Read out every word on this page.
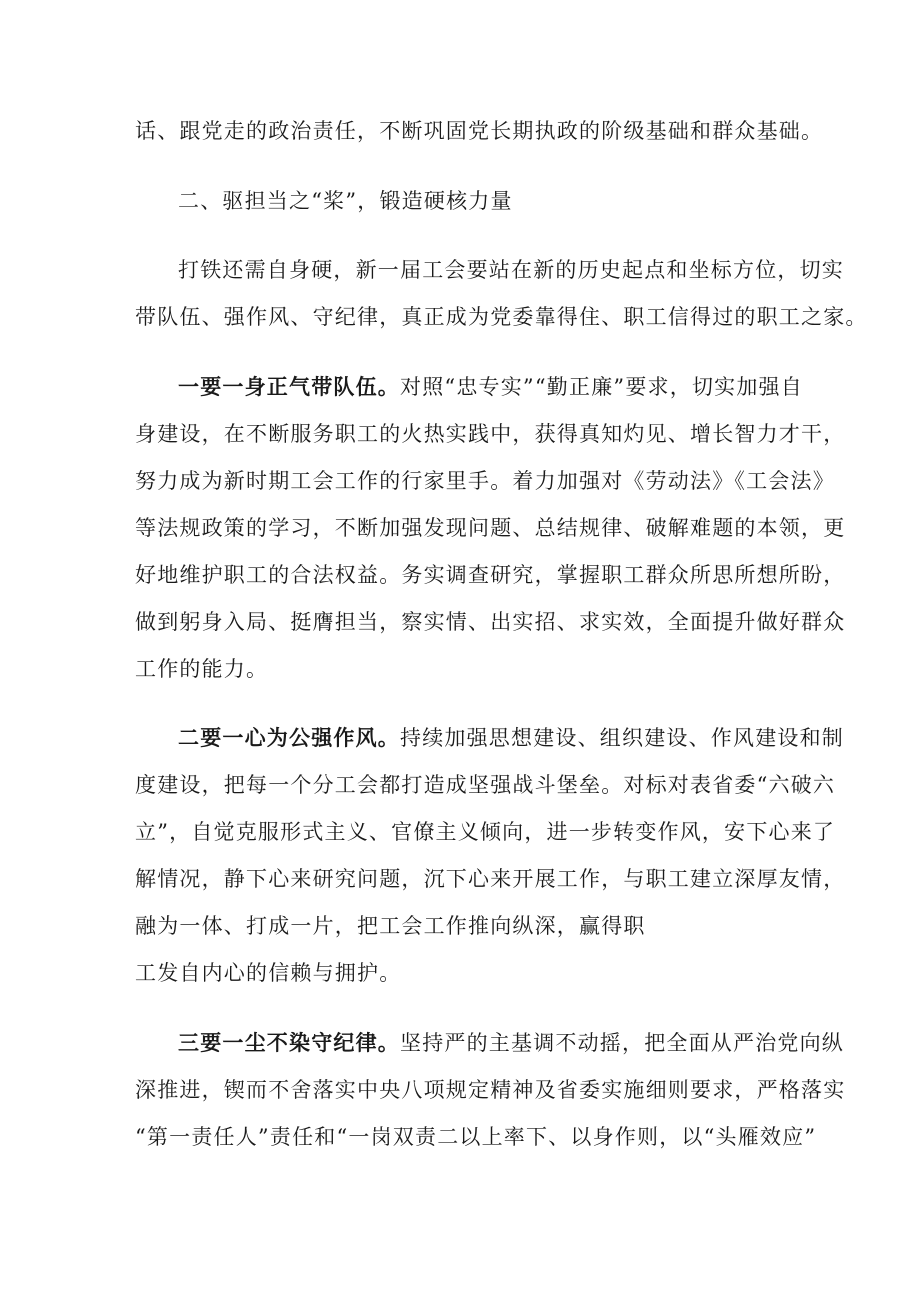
话、跟党走的政治责任，不断巩固党长期执政的阶级基础和群众基础。
二、驱担当之“桨”，锻造硬核力量
打铁还需自身硬，新一届工会要站在新的历史起点和坐标方位，切实
带队伍、强作风、守纪律，真正成为党委靠得住、职工信得过的职工之家。
一要一身正气带队伍。对照“忠专实”“勤正廉”要求，切实加强自
身建设，在不断服务职工的火热实践中，获得真知灼见、增长智力才干，
努力成为新时期工会工作的行家里手。着力加强对《劳动法》《工会法》
等法规政策的学习，不断加强发现问题、总结规律、破解难题的本领，更
好地维护职工的合法权益。务实调查研究，掌握职工群众所思所想所盼，
做到躬身入局、挺膺担当，察实情、出实招、求实效，全面提升做好群众
工作的能力。
二要一心为公强作风。持续加强思想建设、组织建设、作风建设和制
度建设，把每一个分工会都打造成坚强战斗堡垒。对标对表省委“六破六
立”，自觉克服形式主义、官僚主义倾向，进一步转变作风，安下心来了
解情况，静下心来研究问题，沉下心来开展工作，与职工建立深厚友情，
融为一体、打成一片，把工会工作推向纵深，赢得职
工发自内心的信赖与拥护。
三要一尘不染守纪律。坚持严的主基调不动摇，把全面从严治党向纵
深推进，锲而不舍落实中央八项规定精神及省委实施细则要求，严格落实
“第一责任人”责任和“一岗双责二以上率下、以身作则，以“头雁效应”
